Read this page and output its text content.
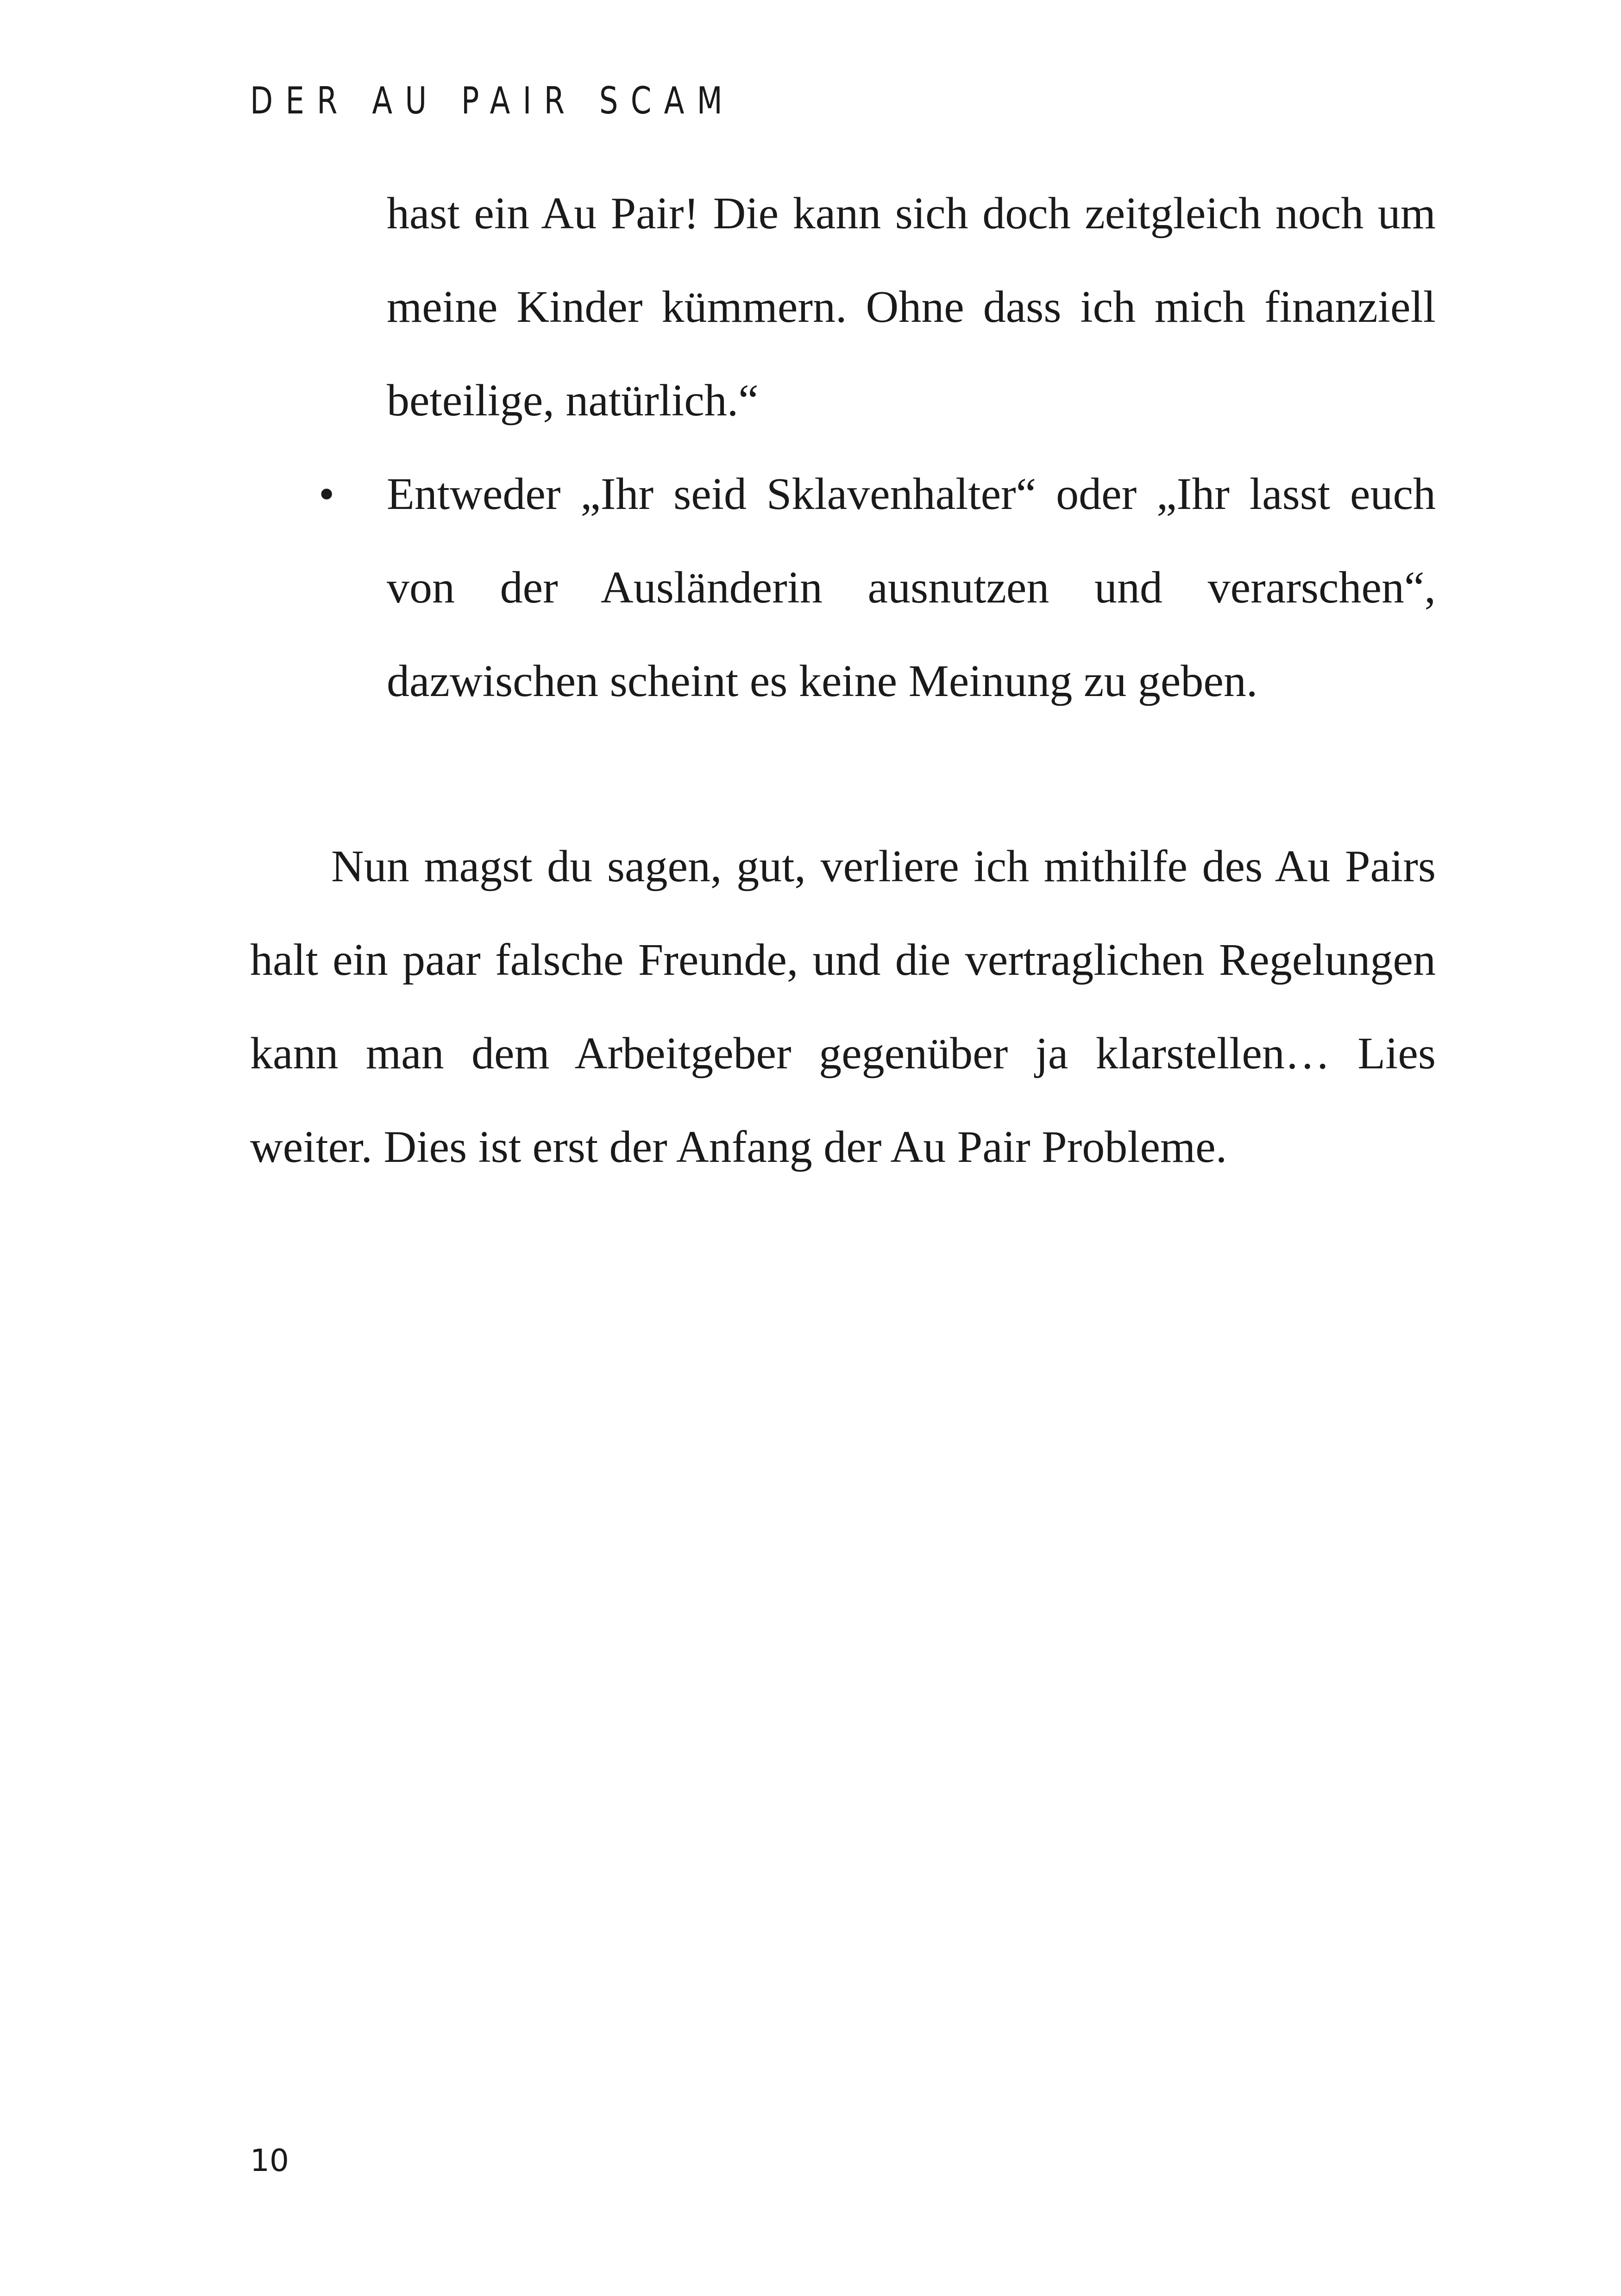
DER AU PAIR SCAM
hast ein Au Pair! Die kann sich doch zeitgleich noch um meine Kinder kümmern. Ohne dass ich mich finanziell beteilige, natürlich.“
• Entweder „Ihr seid Sklavenhalter“ oder „Ihr lasst euch von der Ausländerin ausnutzen und verarschen“, dazwischen scheint es keine Meinung zu geben.
Nun magst du sagen, gut, verliere ich mithilfe des Au Pairs halt ein paar falsche Freunde, und die vertraglichen Regelungen kann man dem Arbeitgeber gegenüber ja klarstellen… Lies weiter. Dies ist erst der Anfang der Au Pair Probleme.
10
